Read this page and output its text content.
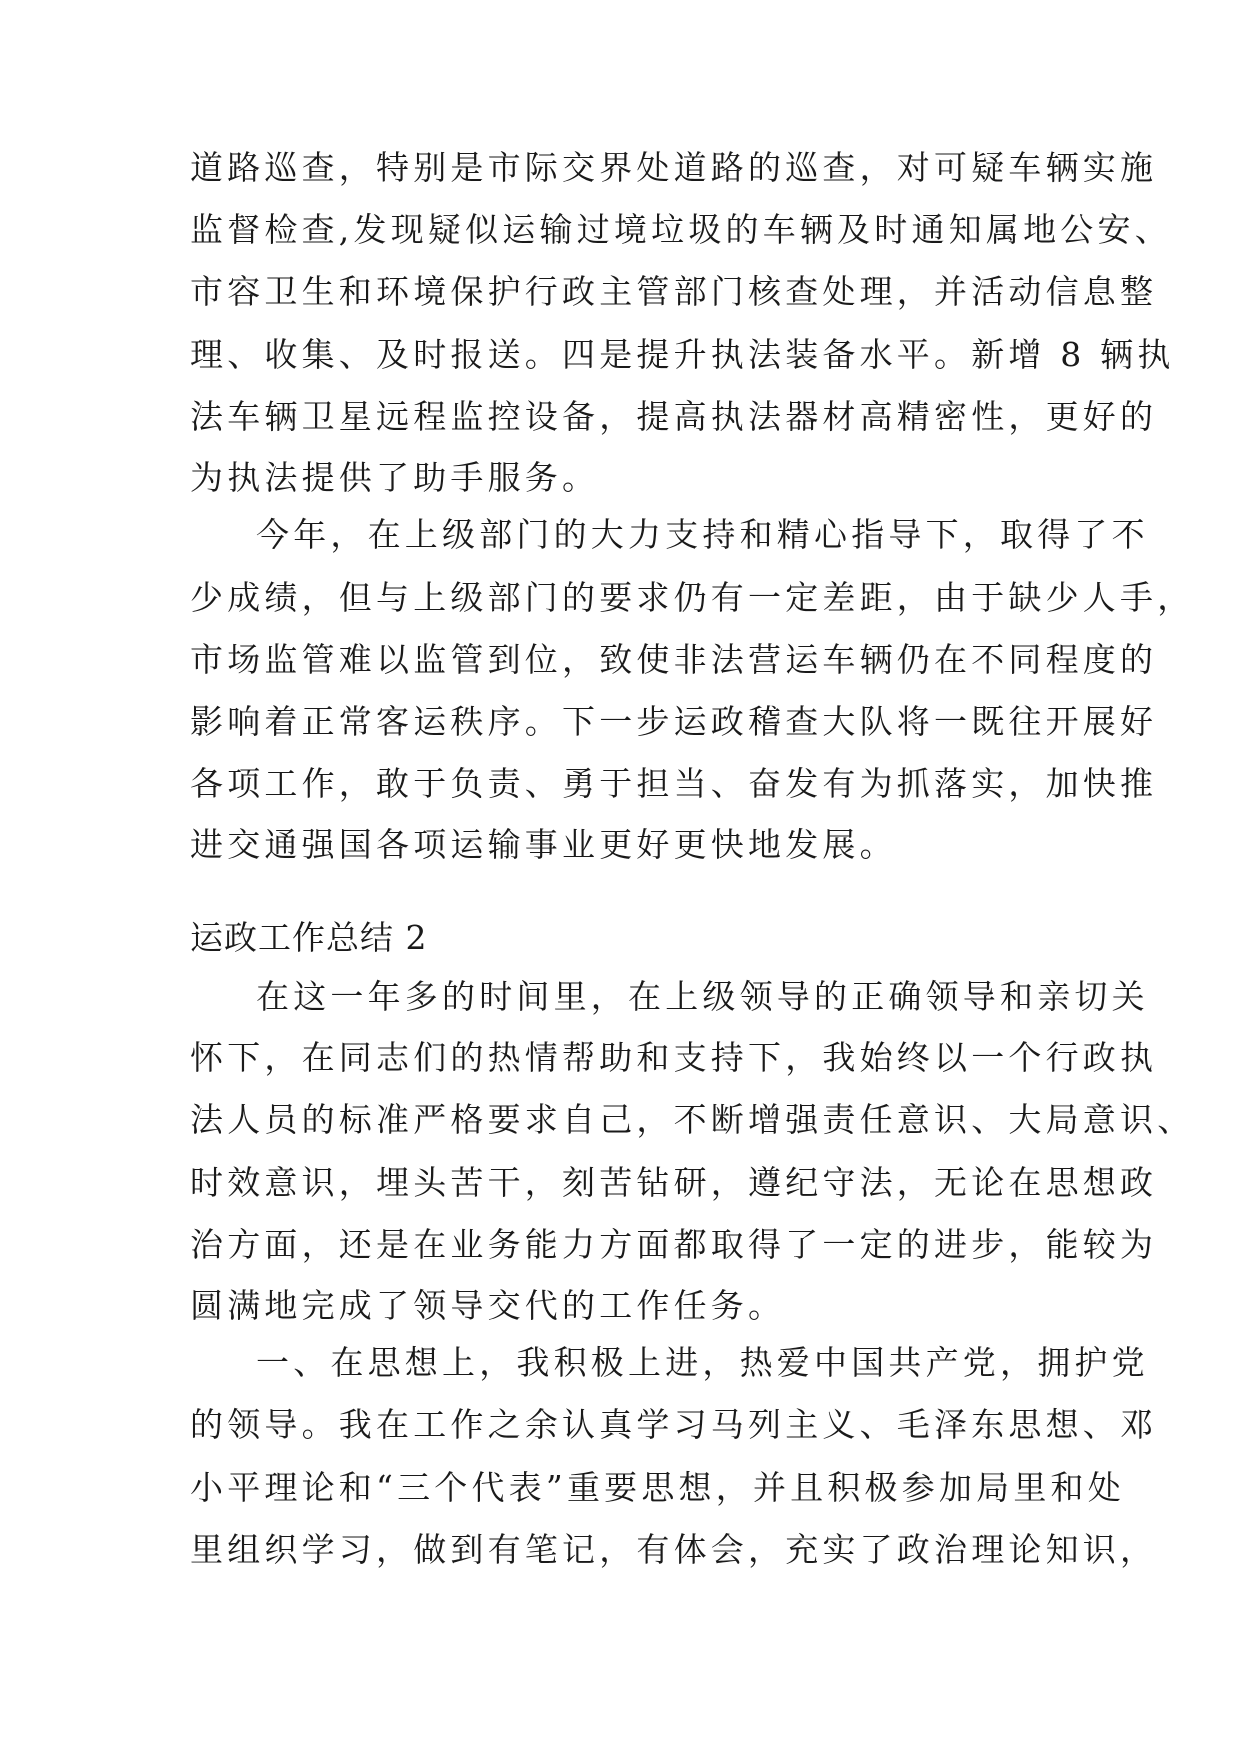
道路巡查，特别是市际交界处道路的巡查，对可疑车辆实施
监督检查,发现疑似运输过境垃圾的车辆及时通知属地公安、
市容卫生和环境保护行政主管部门核查处理，并活动信息整
理、收集、及时报送。四是提升执法装备水平。新增 8 辆执
法车辆卫星远程监控设备，提高执法器材高精密性，更好的
为执法提供了助手服务。
今年，在上级部门的大力支持和精心指导下，取得了不
少成绩，但与上级部门的要求仍有一定差距，由于缺少人手，
市场监管难以监管到位，致使非法营运车辆仍在不同程度的
影响着正常客运秩序。下一步运政稽查大队将一既往开展好
各项工作，敢于负责、勇于担当、奋发有为抓落实，加快推
进交通强国各项运输事业更好更快地发展。
运政工作总结 2
在这一年多的时间里，在上级领导的正确领导和亲切关
怀下，在同志们的热情帮助和支持下，我始终以一个行政执
法人员的标准严格要求自己，不断增强责任意识、大局意识、
时效意识，埋头苦干，刻苦钻研，遵纪守法，无论在思想政
治方面，还是在业务能力方面都取得了一定的进步，能较为
圆满地完成了领导交代的工作任务。
一、在思想上，我积极上进，热爱中国共产党，拥护党
的领导。我在工作之余认真学习马列主义、毛泽东思想、邓
小平理论和“三个代表”重要思想，并且积极参加局里和处
里组织学习，做到有笔记，有体会，充实了政治理论知识，
